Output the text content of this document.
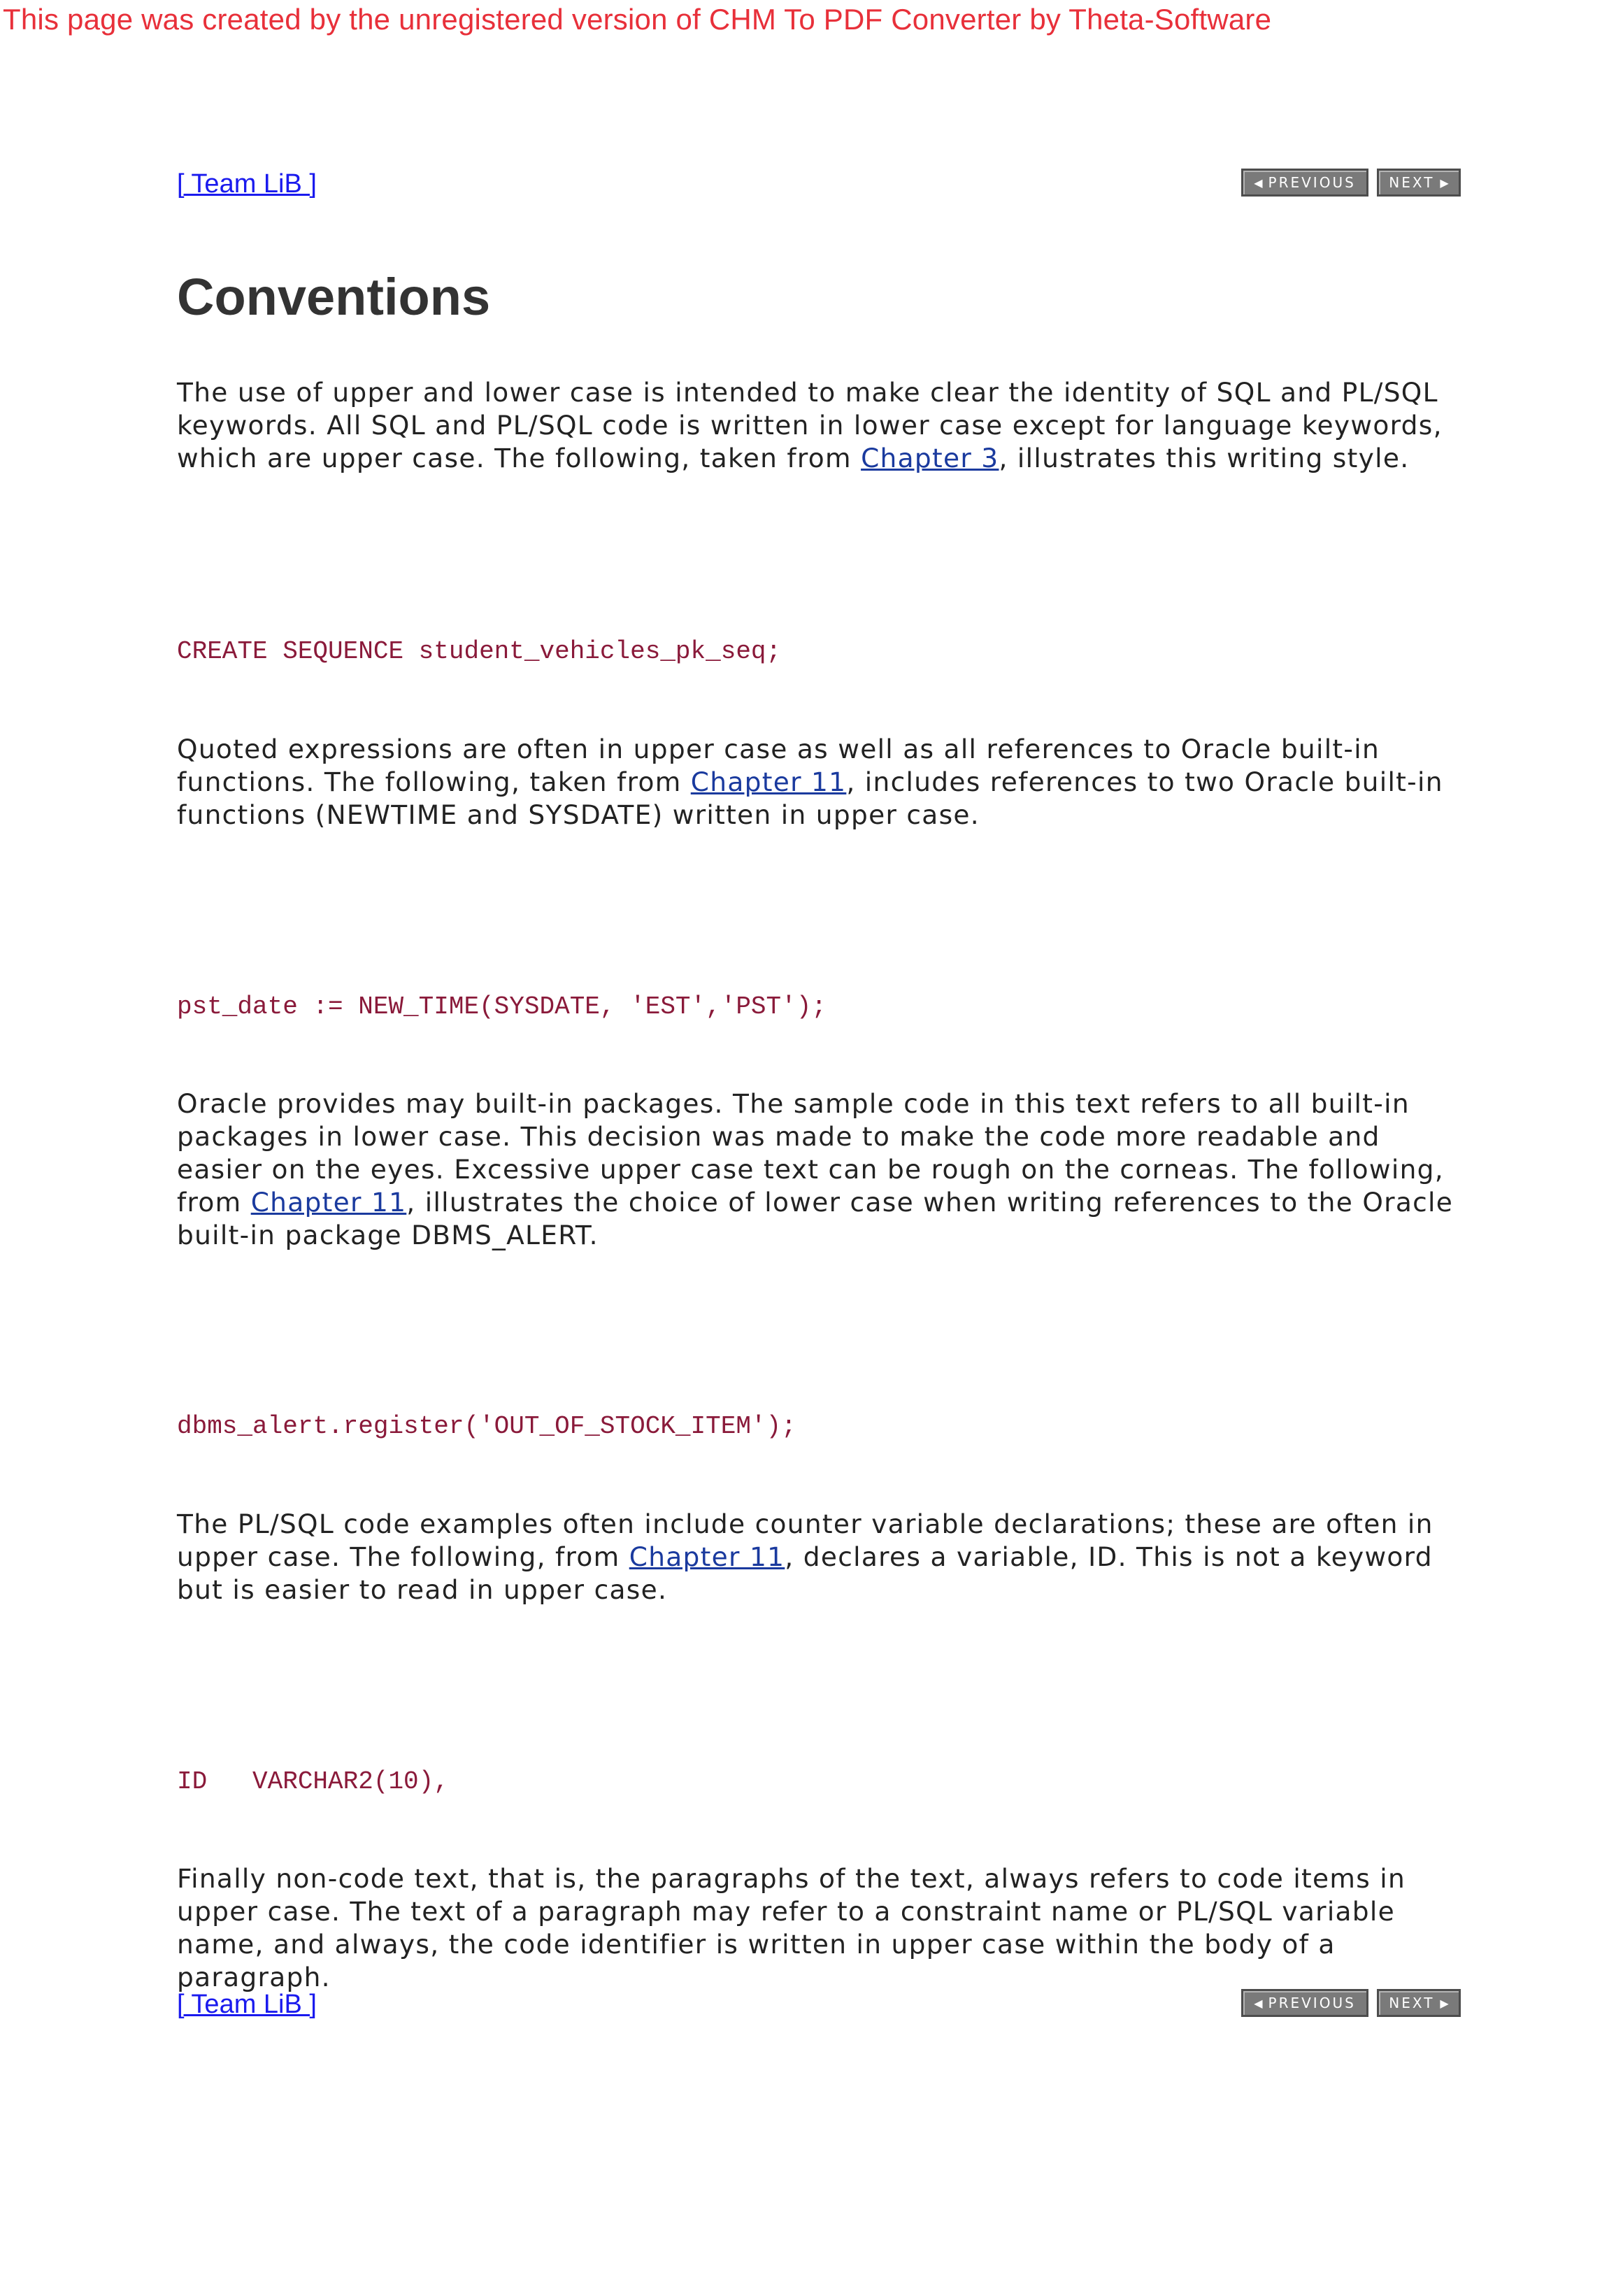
This page was created by the unregistered version of CHM To PDF Converter by Theta-Software
[ Team LiB ]	◀ PREVIOUS NEXT ▶
Conventions

The use of upper and lower case is intended to make clear the identity of SQL and PL/SQL keywords. All SQL and PL/SQL code is written in lower case except for language keywords, which are upper case. The following, taken from Chapter 3, illustrates this writing style.

CREATE SEQUENCE student_vehicles_pk_seq;

Quoted expressions are often in upper case as well as all references to Oracle built-in functions. The following, taken from Chapter 11, includes references to two Oracle built-in functions (NEWTIME and SYSDATE) written in upper case.

pst_date := NEW_TIME(SYSDATE, 'EST','PST');

Oracle provides may built-in packages. The sample code in this text refers to all built-in packages in lower case. This decision was made to make the code more readable and easier on the eyes. Excessive upper case text can be rough on the corneas. The following, from Chapter 11, illustrates the choice of lower case when writing references to the Oracle built-in package DBMS_ALERT.

dbms_alert.register('OUT_OF_STOCK_ITEM');

The PL/SQL code examples often include counter variable declarations; these are often in upper case. The following, from Chapter 11, declares a variable, ID. This is not a keyword but is easier to read in upper case.

ID   VARCHAR2(10),

Finally non-code text, that is, the paragraphs of the text, always refers to code items in upper case. The text of a paragraph may refer to a constraint name or PL/SQL variable name, and always, the code identifier is written in upper case within the body of a paragraph.

[ Team LiB ]	◀ PREVIOUS NEXT ▶
